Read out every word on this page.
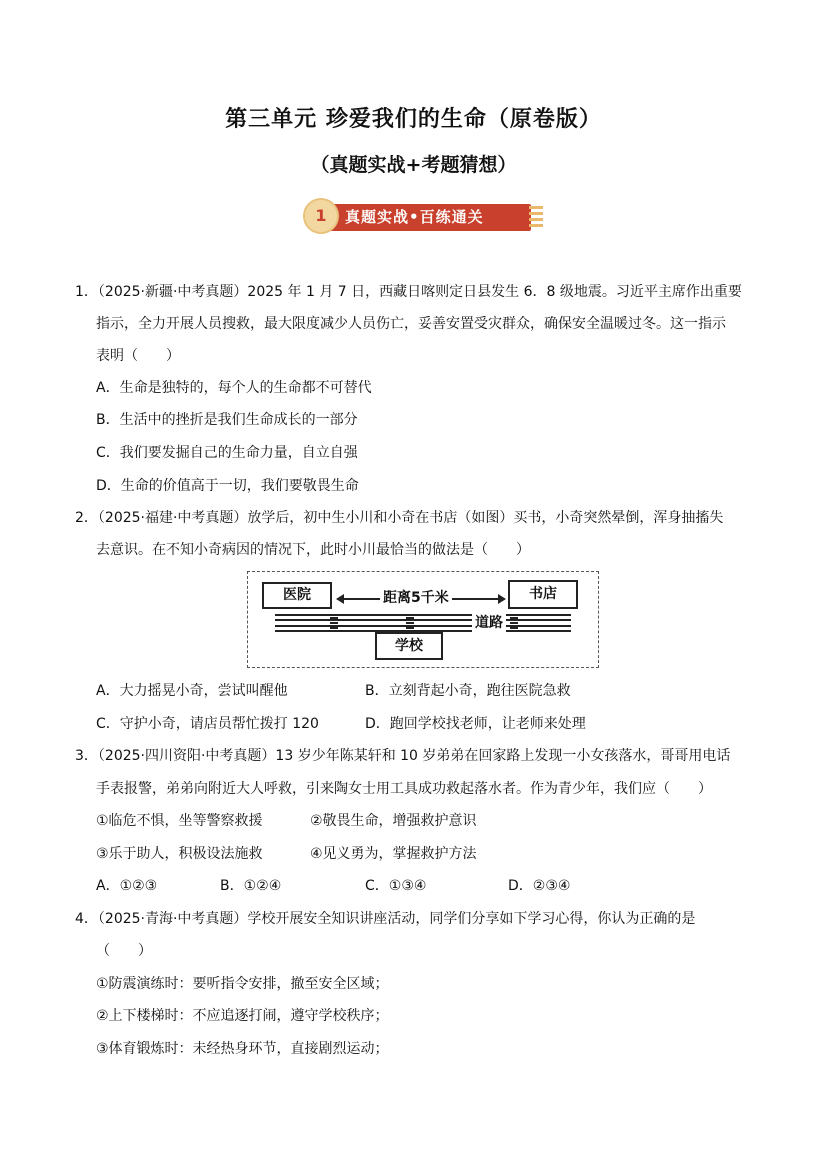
第三单元 珍爱我们的生命（原卷版）
（真题实战+考题猜想）
1	真题实战•百练通关
1．（2025·新疆·中考真题）2025 年 1 月 7 日，西藏日喀则定日县发生 6．8 级地震。习近平主席作出重要
指示，全力开展人员搜救，最大限度减少人员伤亡，妥善安置受灾群众，确保安全温暖过冬。这一指示
表明（　　）
A．生命是独特的，每个人的生命都不可替代
B．生活中的挫折是我们生命成长的一部分
C．我们要发掘自己的生命力量，自立自强
D．生命的价值高于一切，我们要敬畏生命
2．（2025·福建·中考真题）放学后，初中生小川和小奇在书店（如图）买书，小奇突然晕倒，浑身抽搐失
去意识。在不知小奇病因的情况下，此时小川最恰当的做法是（　　）
医院	书店
距离5千米
道路
学校
A．大力摇晃小奇，尝试叫醒他	B．立刻背起小奇，跑往医院急救
C．守护小奇，请店员帮忙拨打 120	D．跑回学校找老师，让老师来处理
3．（2025·四川资阳·中考真题）13 岁少年陈某轩和 10 岁弟弟在回家路上发现一小女孩落水，哥哥用电话
手表报警，弟弟向附近大人呼救，引来陶女士用工具成功救起落水者。作为青少年，我们应（　　）
①临危不惧，坐等警察救援	②敬畏生命，增强救护意识
③乐于助人，积极设法施救	④见义勇为，掌握救护方法
A．①②③	B．①②④	C．①③④	D．②③④
4．（2025·青海·中考真题）学校开展安全知识讲座活动，同学们分享如下学习心得，你认为正确的是
（　　）
①防震演练时：要听指令安排，撤至安全区域；
②上下楼梯时：不应追逐打闹，遵守学校秩序；
③体育锻炼时：未经热身环节，直接剧烈运动；
